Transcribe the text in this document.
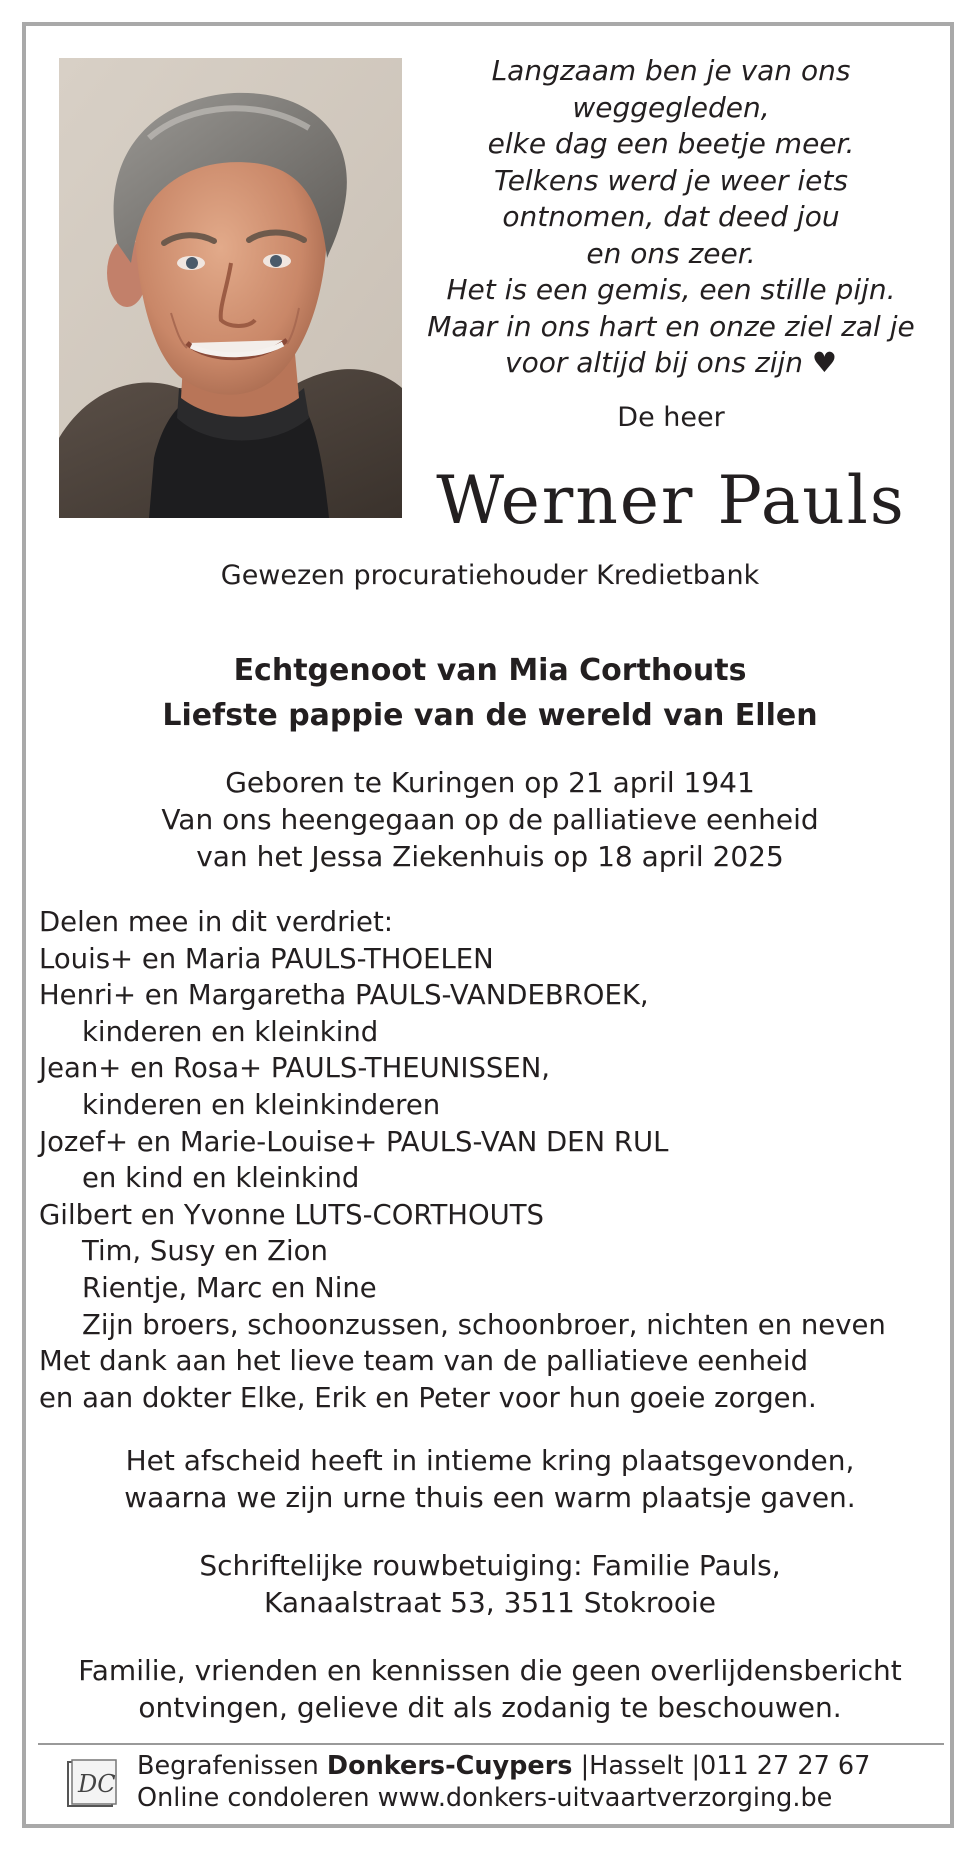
Langzaam ben je van ons
weggegleden,
elke dag een beetje meer.
Telkens werd je weer iets
ontnomen, dat deed jou
en ons zeer.
Het is een gemis, een stille pijn.
Maar in ons hart en onze ziel zal je
voor altijd bij ons zijn ♥
De heer
Werner Pauls
Gewezen procuratiehouder Kredietbank
Echtgenoot van Mia Corthouts
Liefste pappie van de wereld van Ellen
Geboren te Kuringen op 21 april 1941
Van ons heengegaan op de palliatieve eenheid
van het Jessa Ziekenhuis op 18 april 2025
Delen mee in dit verdriet:
Louis+ en Maria PAULS-THOELEN
Henri+ en Margaretha PAULS-VANDEBROEK,
kinderen en kleinkind
Jean+ en Rosa+ PAULS-THEUNISSEN,
kinderen en kleinkinderen
Jozef+ en Marie-Louise+ PAULS-VAN DEN RUL
en kind en kleinkind
Gilbert en Yvonne LUTS-CORTHOUTS
Tim, Susy en Zion
Rientje, Marc en Nine
Zijn broers, schoonzussen, schoonbroer, nichten en neven
Met dank aan het lieve team van de palliatieve eenheid
en aan dokter Elke, Erik en Peter voor hun goeie zorgen.
Het afscheid heeft in intieme kring plaatsgevonden,
waarna we zijn urne thuis een warm plaatsje gaven.
Schriftelijke rouwbetuiging: Familie Pauls,
Kanaalstraat 53, 3511 Stokrooie
Familie, vrienden en kennissen die geen overlijdensbericht
ontvingen, gelieve dit als zodanig te beschouwen.
DC
Begrafenissen Donkers-Cuypers |Hasselt |011 27 27 67
Online condoleren www.donkers-uitvaartverzorging.be
